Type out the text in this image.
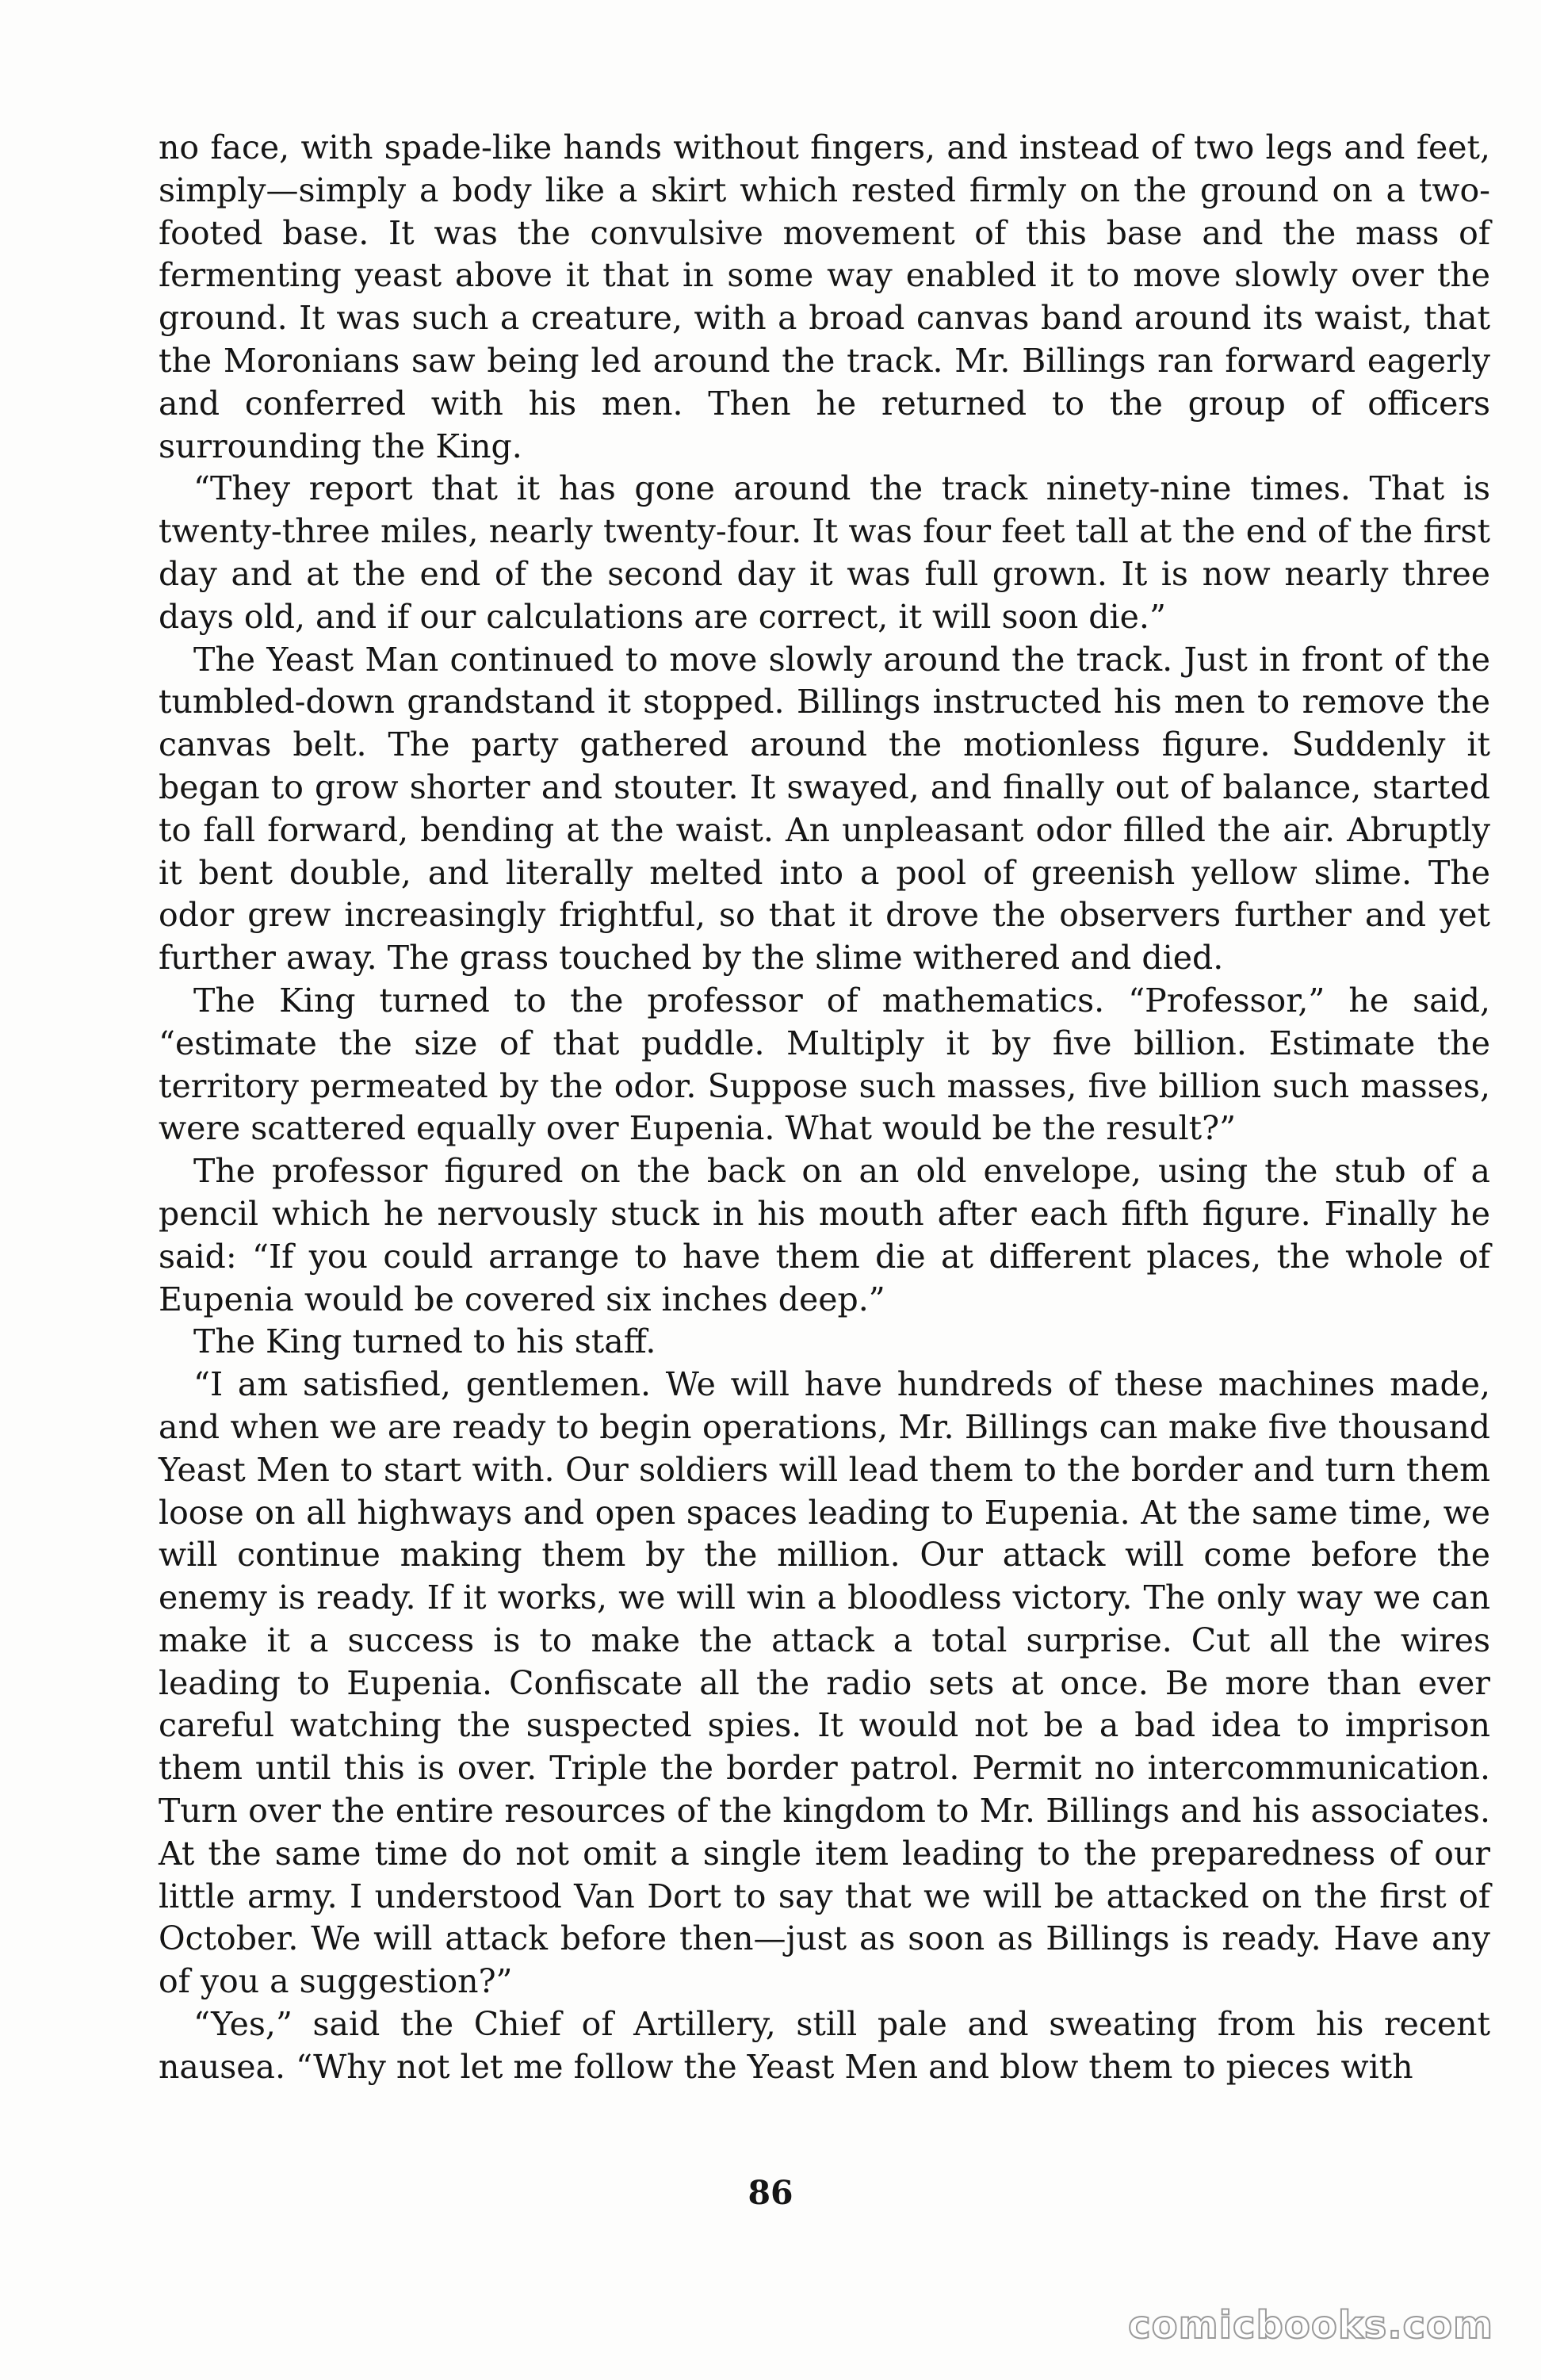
no face, with spade-like hands without fingers, and instead of two legs and feet, simply—simply a body like a skirt which rested firmly on the ground on a two-footed base. It was the convulsive movement of this base and the mass of fermenting yeast above it that in some way enabled it to move slowly over the ground. It was such a creature, with a broad canvas band around its waist, that the Moronians saw being led around the track. Mr. Billings ran forward eagerly and conferred with his men. Then he returned to the group of officers surrounding the King.

“They report that it has gone around the track ninety-nine times. That is twenty-three miles, nearly twenty-four. It was four feet tall at the end of the first day and at the end of the second day it was full grown. It is now nearly three days old, and if our calculations are correct, it will soon die.”

The Yeast Man continued to move slowly around the track. Just in front of the tumbled-down grandstand it stopped. Billings instructed his men to remove the canvas belt. The party gathered around the motionless figure. Suddenly it began to grow shorter and stouter. It swayed, and finally out of balance, started to fall forward, bending at the waist. An unpleasant odor filled the air. Abruptly it bent double, and literally melted into a pool of greenish yellow slime. The odor grew increasingly frightful, so that it drove the observers further and yet further away. The grass touched by the slime withered and died.

The King turned to the professor of mathematics. “Professor,” he said, “estimate the size of that puddle. Multiply it by five billion. Estimate the territory permeated by the odor. Suppose such masses, five billion such masses, were scattered equally over Eupenia. What would be the result?”

The professor figured on the back on an old envelope, using the stub of a pencil which he nervously stuck in his mouth after each fifth figure. Finally he said: “If you could arrange to have them die at different places, the whole of Eupenia would be covered six inches deep.”

The King turned to his staff.

“I am satisfied, gentlemen. We will have hundreds of these machines made, and when we are ready to begin operations, Mr. Billings can make five thousand Yeast Men to start with. Our soldiers will lead them to the border and turn them loose on all highways and open spaces leading to Eupenia. At the same time, we will continue making them by the million. Our attack will come before the enemy is ready. If it works, we will win a bloodless victory. The only way we can make it a success is to make the attack a total surprise. Cut all the wires leading to Eupenia. Confiscate all the radio sets at once. Be more than ever careful watching the suspected spies. It would not be a bad idea to imprison them until this is over. Triple the border patrol. Permit no intercommunication. Turn over the entire resources of the kingdom to Mr. Billings and his associates. At the same time do not omit a single item leading to the preparedness of our little army. I understood Van Dort to say that we will be attacked on the first of October. We will attack before then—just as soon as Billings is ready. Have any of you a suggestion?”

“Yes,” said the Chief of Artillery, still pale and sweating from his recent nausea. “Why not let me follow the Yeast Men and blow them to pieces with

86
comicbooks.com
